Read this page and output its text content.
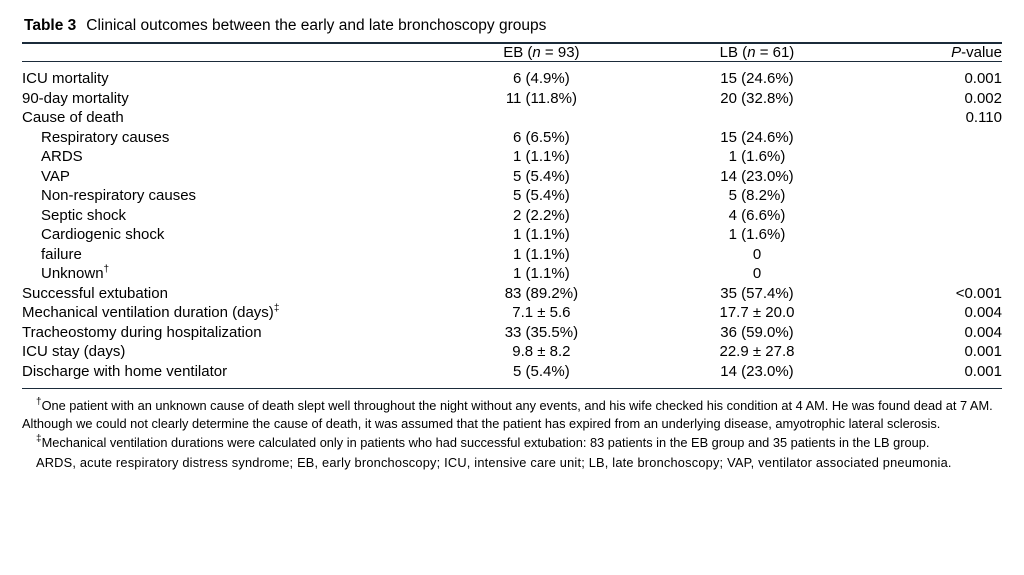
Table 3 Clinical outcomes between the early and late bronchoscopy groups
	EB (n = 93)	LB (n = 61)	P-value
ICU mortality	6 (4.9%)	15 (24.6%)	0.001
90-day mortality	11 (11.8%)	20 (32.8%)	0.002
Cause of death			0.110
Respiratory causes	6 (6.5%)	15 (24.6%)	
ARDS	1 (1.1%)	1 (1.6%)	
VAP	5 (5.4%)	14 (23.0%)	
Non-respiratory causes	5 (5.4%)	5 (8.2%)	
Septic shock	2 (2.2%)	4 (6.6%)	
Cardiogenic shock	1 (1.1%)	1 (1.6%)	
failure	1 (1.1%)	0	
Unknown†	1 (1.1%)	0	
Successful extubation	83 (89.2%)	35 (57.4%)	<0.001
Mechanical ventilation duration (days)‡	7.1 ± 5.6	17.7 ± 20.0	0.004
Tracheostomy during hospitalization	33 (35.5%)	36 (59.0%)	0.004
ICU stay (days)	9.8 ± 8.2	22.9 ± 27.8	0.001
Discharge with home ventilator	5 (5.4%)	14 (23.0%)	0.001

†One patient with an unknown cause of death slept well throughout the night without any events, and his wife checked his condition at 4 AM. He was found dead at 7 AM. Although we could not clearly determine the cause of death, it was assumed that the patient has expired from an underlying disease, amyotrophic lateral sclerosis.

‡Mechanical ventilation durations were calculated only in patients who had successful extubation: 83 patients in the EB group and 35 patients in the LB group.

ARDS, acute respiratory distress syndrome; EB, early bronchoscopy; ICU, intensive care unit; LB, late bronchoscopy; VAP, ventilator associated pneumonia.
